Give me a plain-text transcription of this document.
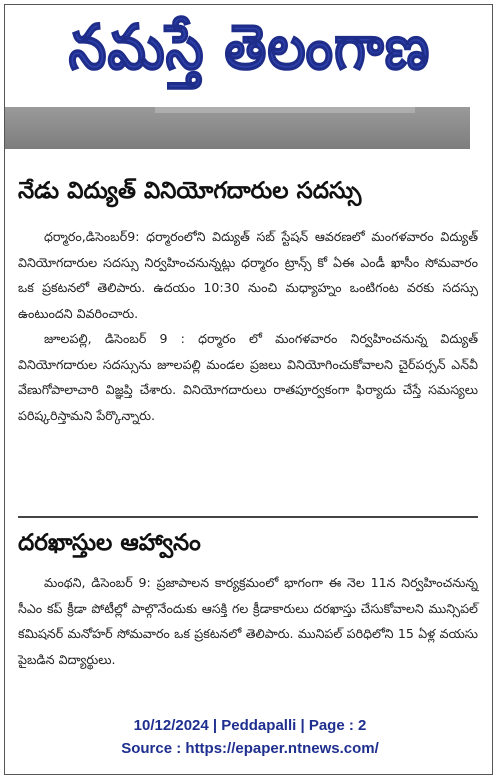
నమస్తే తెలంగాణ
నేడు విద్యుత్‌ వినియోగదారుల సదస్సు

ధర్మారం,డిసెంబర్‌9: ధర్మారంలోని విద్యుత్‌ సబ్‌ స్టేషన్‌ ఆవరణలో మంగళవారం విద్యుత్‌ వినియోగదారుల సదస్సు నిర్వహించనున్నట్లు ధర్మారం ట్రాన్స్‌ కో ఏఈ ఎండీ ఖాసీం సోమవారం ఒక ప్రకటనలో తెలిపారు. ఉదయం 10:30 నుంచి మధ్యాహ్నం ఒంటిగంట వరకు సదస్సు ఉంటుందని వివరించారు.

జూలపల్లి, డిసెంబర్‌ 9 : ధర్మారం లో మంగళవారం నిర్వహించనున్న విద్యుత్‌ వినియోగదారుల సదస్సును జూలపల్లి మండల ప్రజలు వినియోగించుకోవాలని చైర్‌పర్సన్‌ ఎన్‌వీ వేణుగోపాలాచారి విజ్ఞప్తి చేశారు. వినియోగదారులు రాతపూర్వకంగా ఫిర్యాదు చేస్తే సమస్యలు పరిష్కరిస్తామని పేర్కొన్నారు.

దరఖాస్తుల ఆహ్వానం

మంథని, డిసెంబర్‌ 9: ప్రజాపాలన కార్యక్రమంలో భాగంగా ఈ నెల 11న నిర్వహించనున్న సీఎం కప్‌ క్రీడా పోటీల్లో పాల్గొనేందుకు ఆసక్తి గల క్రీడాకారులు దరఖాస్తు చేసుకోవాలని మున్సిపల్‌ కమిషనర్‌ మనోహర్‌ సోమవారం ఒక ప్రకటనలో తెలిపారు. మునిపల్‌ పరిధిలోని 15 ఏళ్ల వయసు పైబడిన విద్యార్థులు.

10/12/2024 | Peddapalli | Page : 2
Source : https://epaper.ntnews.com/
